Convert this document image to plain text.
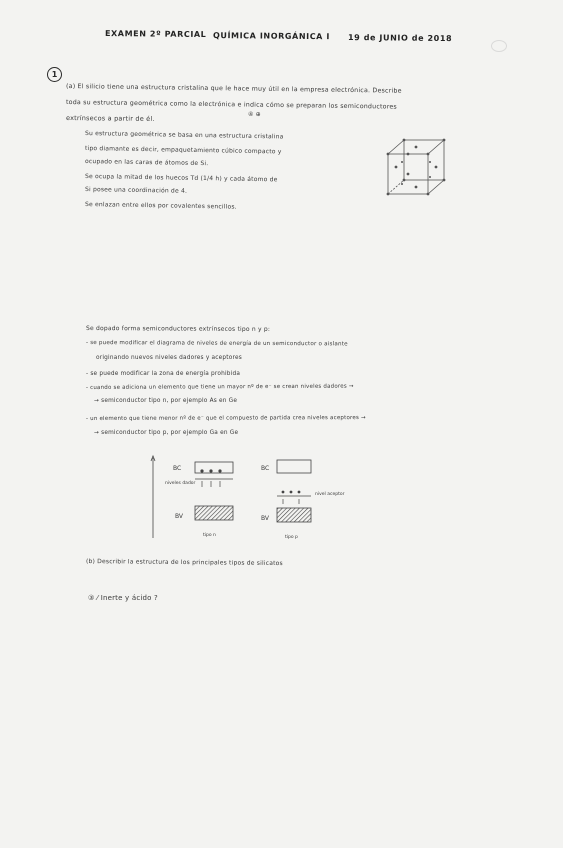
EXAMEN 2º PARCIAL QUÍMICA INORGÁNICA I 19 de JUNIO de 2018
1
(a) El silicio tiene una estructura cristalina que le hace muy útil en la empresa electrónica. Describe
toda su estructura geométrica como la electrónica e indica cómo se preparan los semiconductores
extrínsecos a partir de él.	④ ⊕
Su estructura geométrica se basa en una estructura cristalina
tipo diamante es decir, empaquetamiento cúbico compacto y
ocupado en las caras de átomos de Si.
Se ocupa la mitad de los huecos Td (1/4 h) y cada átomo de
Si posee una coordinación de 4.
Se enlazan entre ellos por covalentes sencillos.
Se dopado forma semiconductores extrínsecos tipo n y p:
- se puede modificar el diagrama de niveles de energía de un semiconductor o aislante
originando nuevos niveles dadores y aceptores
- se puede modificar la zona de energía prohibida
- cuando se adiciona un elemento que tiene un mayor nº de e⁻ se crean niveles dadores →
→ semiconductor tipo n, por ejemplo As en Ge
- un elemento que tiene menor nº de e⁻ que el compuesto de partida crea niveles aceptores →
→ semiconductor tipo p, por ejemplo Ga en Ge
BC
niveles dador
BV
tipo n
BC
nivel aceptor
BV
tipo p
(b) Describir la estructura de los principales tipos de silicatos
③ ⁄ Inerte y ácido ?
